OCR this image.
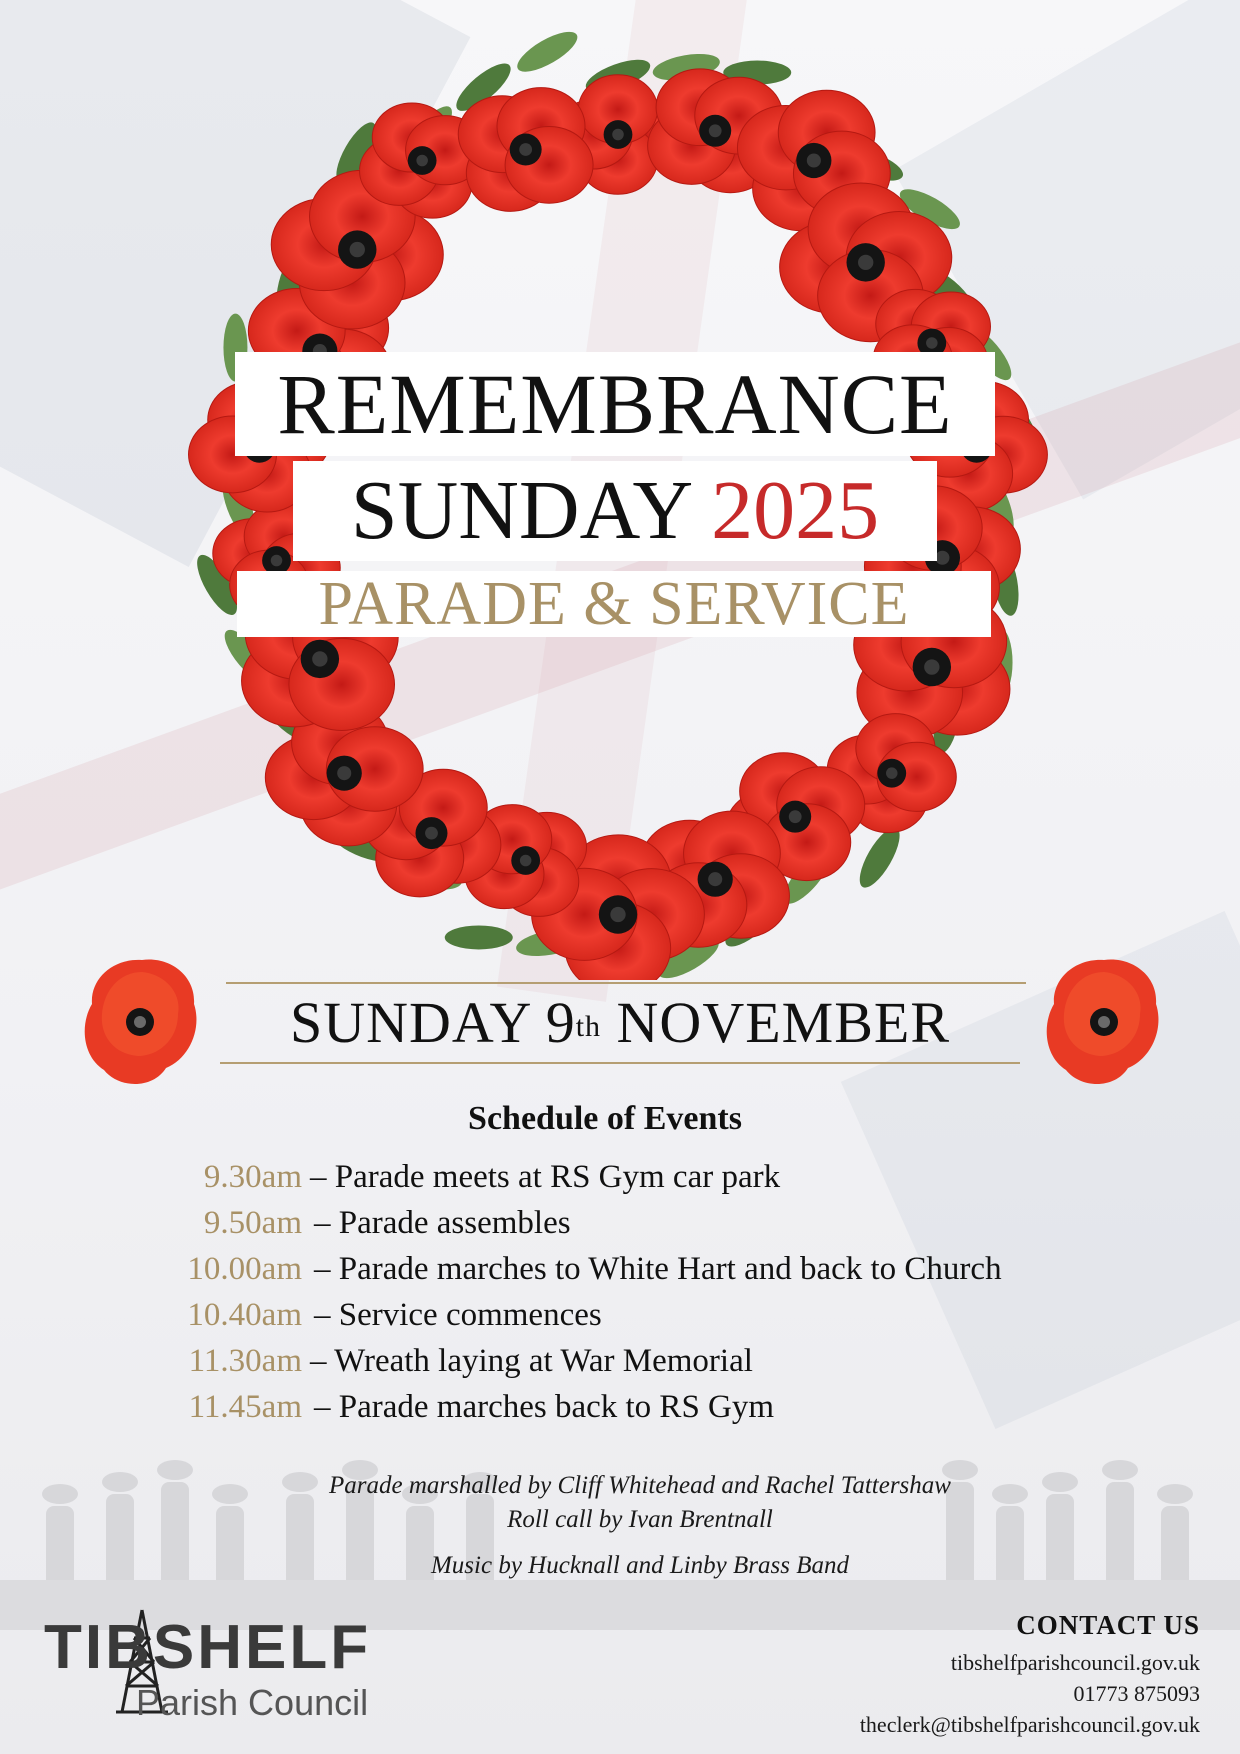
REMEMBRANCE
SUNDAY 2025
PARADE & SERVICE
SUNDAY 9th NOVEMBER
Schedule of Events
9.30am – Parade meets at RS Gym car park
9.50am – Parade assembles
10.00am – Parade marches to White Hart and back to Church
10.40am – Service commences
11.30am – Wreath laying at War Memorial
11.45am – Parade marches back to RS Gym
Parade marshalled by Cliff Whitehead and Rachel Tattershaw
Roll call by Ivan Brentnall
Music by Hucknall and Linby Brass Band
TIBSHELF
Parish Council
CONTACT US
tibshelfparishcouncil.gov.uk
01773 875093
theclerk@tibshelfparishcouncil.gov.uk
